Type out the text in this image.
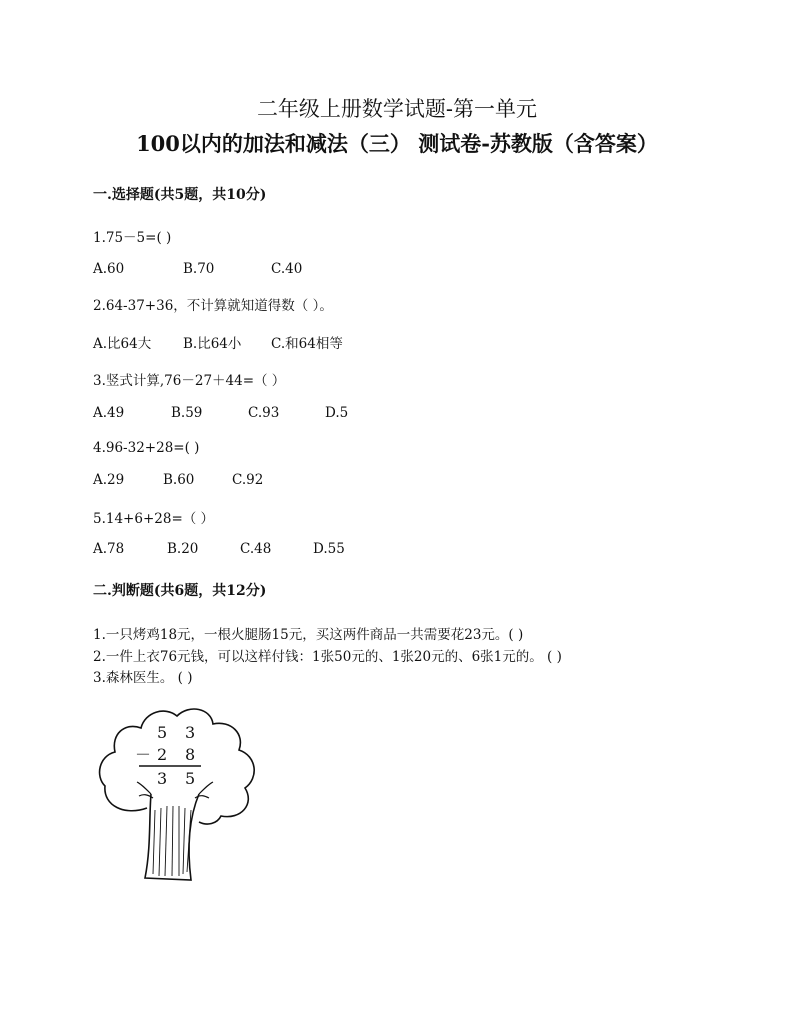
二年级上册数学试题-第一单元
100以内的加法和减法（三） 测试卷-苏教版（含答案）
一.选择题(共5题，共10分)
1.75－5=( )
A.60	B.70	C.40
2.64-37+36，不计算就知道得数（ ）。
A.比64大 B.比64小 C.和64相等
3.竖式计算,76－27＋44=（ ）
A.49	B.59	C.93	D.5
4.96-32+28=( )
A.29	B.60	C.92
5.14+6+28=（ ）
A.78	B.20	C.48	D.55
二.判断题(共6题，共12分)
1.一只烤鸡18元，一根火腿肠15元，买这两件商品一共需要花23元。( )
2.一件上衣76元钱，可以这样付钱：1张50元的、1张20元的、6张1元的。 ( )
3.森林医生。 ( )
5 3
－ 2 8
3 5
